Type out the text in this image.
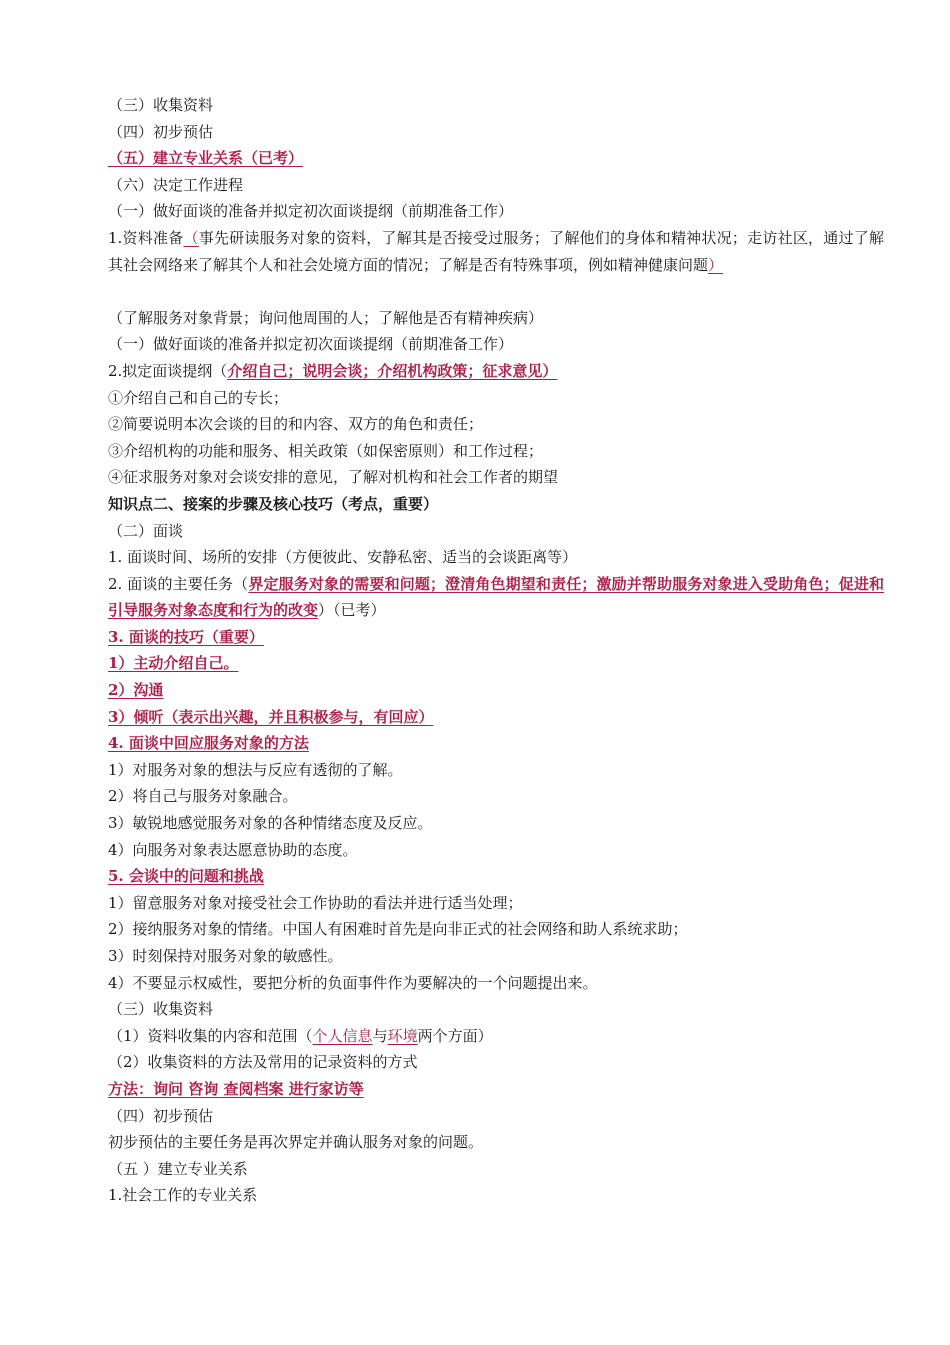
（三）收集资料
（四）初步预估
（五）建立专业关系（已考）
（六）决定工作进程
（一）做好面谈的准备并拟定初次面谈提纲（前期准备工作）
1.资料准备（事先研读服务对象的资料，了解其是否接受过服务；了解他们的身体和精神状况；走访社区，通过了解其社会网络来了解其个人和社会处境方面的情况；了解是否有特殊事项，例如精神健康问题）
（了解服务对象背景；询问他周围的人；了解他是否有精神疾病）
（一）做好面谈的准备并拟定初次面谈提纲（前期准备工作）
2.拟定面谈提纲（介绍自己；说明会谈；介绍机构政策；征求意见）
①介绍自己和自己的专长；
②简要说明本次会谈的目的和内容、双方的角色和责任；
③介绍机构的功能和服务、相关政策（如保密原则）和工作过程；
④征求服务对象对会谈安排的意见，了解对机构和社会工作者的期望
知识点二、接案的步骤及核心技巧（考点，重要）
（二）面谈
1. 面谈时间、场所的安排（方便彼此、安静私密、适当的会谈距离等）
2. 面谈的主要任务（界定服务对象的需要和问题；澄清角色期望和责任；激励并帮助服务对象进入受助角色；促进和引导服务对象态度和行为的改变）（已考）
3. 面谈的技巧（重要）
1）主动介绍自己。
2）沟通
3）倾听（表示出兴趣，并且积极参与，有回应）
4. 面谈中回应服务对象的方法
1）对服务对象的想法与反应有透彻的了解。
2）将自己与服务对象融合。
3）敏锐地感觉服务对象的各种情绪态度及反应。
4）向服务对象表达愿意协助的态度。
5. 会谈中的问题和挑战
1）留意服务对象对接受社会工作协助的看法并进行适当处理；
2）接纳服务对象的情绪。中国人有困难时首先是向非正式的社会网络和助人系统求助；
3）时刻保持对服务对象的敏感性。
4）不要显示权威性，要把分析的负面事件作为要解决的一个问题提出来。
（三）收集资料
（1）资料收集的内容和范围（个人信息与环境两个方面）
（2）收集资料的方法及常用的记录资料的方式
方法：询问 咨询 查阅档案 进行家访等
（四）初步预估
初步预估的主要任务是再次界定并确认服务对象的问题。
（五 ）建立专业关系
1.社会工作的专业关系
